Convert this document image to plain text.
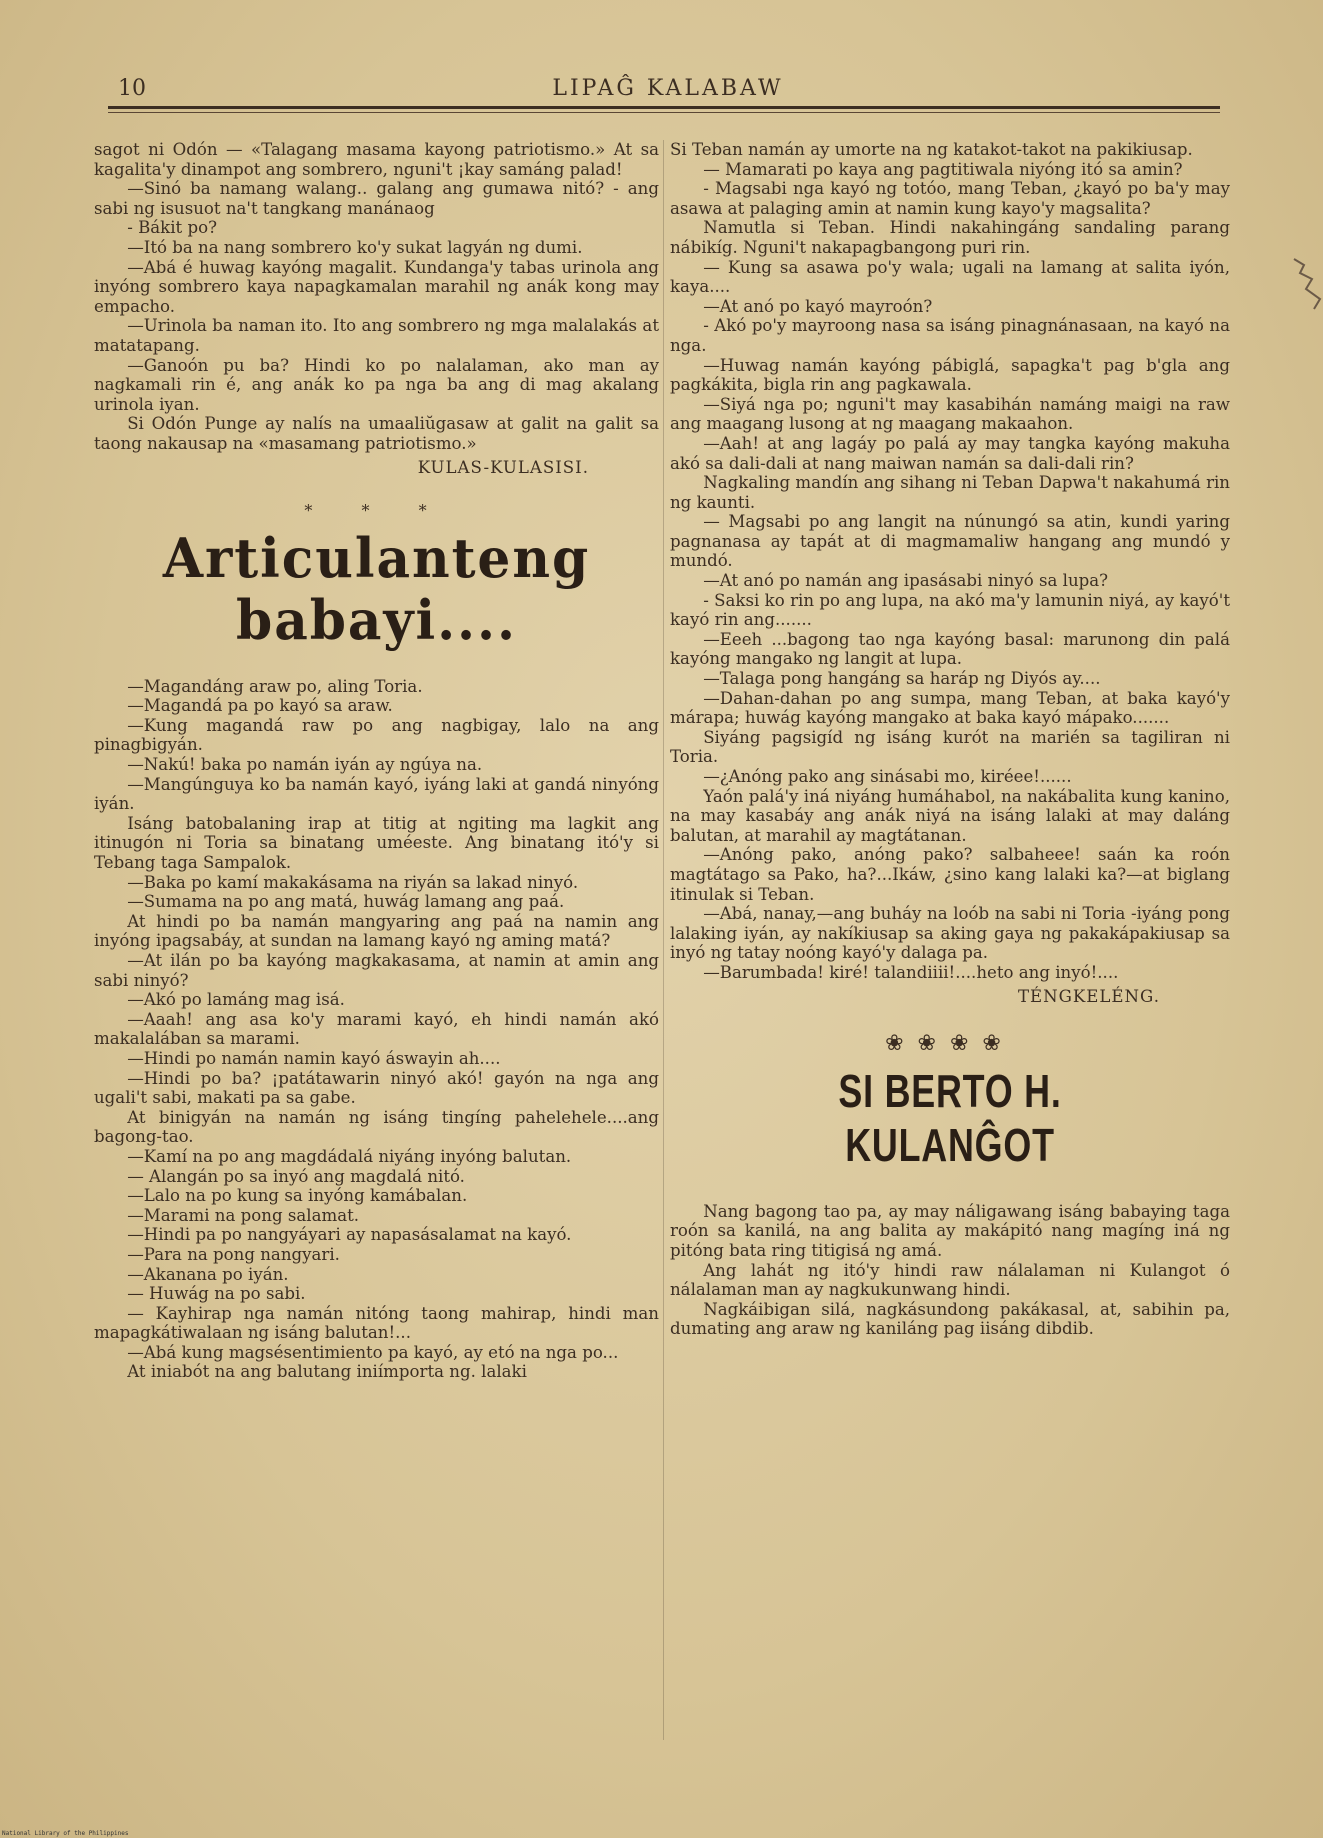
10	LIPAĜ KALABAW

sagot ni Odón — «Talagang masama kayong patriotismo.» At sa kagalita'y dinampot ang sombrero, nguni't ¡kay samáng palad!

—Sinó ba namang walang.. galang ang gumawa nitó? - ang sabi ng isusuot na't tangkang manánaog

- Bákit po?

—Itó ba na nang sombrero ko'y sukat lagyán ng dumi.

—Abá é huwag kayóng magalit. Kundanga'y tabas urinola ang inyóng sombrero kaya napagkamalan marahil ng anák kong may empacho.

—Urinola ba naman ito. Ito ang sombrero ng mga malalakás at matatapang.

—Ganoón pu ba? Hindi ko po nalalaman, ako man ay nagkamali rin é, ang anák ko pa nga ba ang di mag akalang urinola iyan.

Si Odón Punge ay nalís na umaaliŭgasaw at galit na galit sa taong nakausap na «masamang patriotismo.»

KULAS-KULASISI.

* * *
Articulanteng babayi....

—Magandáng araw po, aling Toria.

—Magandá pa po kayó sa araw.

—Kung magandá raw po ang nagbigay, lalo na ang pinagbigyán.

—Nakú! baka po namán iyán ay ngúya na.

—Mangúnguya ko ba namán kayó, iyáng laki at gandá ninyóng iyán.

Isáng batobalaning irap at titig at ngiting ma lagkit ang itinugón ni Toria sa binatang uméeste. Ang binatang itó'y si Tebang taga Sampalok.

—Baka po kamí makakásama na riyán sa lakad ninyó.

—Sumama na po ang matá, huwág lamang ang paá.

At hindi po ba namán mangyaring ang paá na namin ang inyóng ipagsabáy, at sundan na lamang kayó ng aming matá?

—At ilán po ba kayóng magkakasama, at namin at amin ang sabi ninyó?

—Akó po lamáng mag isá.

—Aaah! ang asa ko'y marami kayó, eh hindi namán akó makalalában sa marami.

—Hindi po namán namin kayó áswayin ah....

—Hindi po ba? ¡patátawarin ninyó akó! gayón na nga ang ugali't sabi, makati pa sa gabe.

At binigyán na namán ng isáng tingíng pahelehele....ang bagong-tao.

—Kamí na po ang magdádalá niyáng inyóng balutan.

— Alangán po sa inyó ang magdalá nitó.

—Lalo na po kung sa inyóng kamábalan.

—Marami na pong salamat.

—Hindi pa po nangyáyari ay napasásalamat na kayó.

—Para na pong nangyari.

—Akanana po iyán.

— Huwág na po sabi.

— Kayhirap nga namán nitóng taong mahirap, hindi man mapagkátiwalaan ng isáng balutan!...

—Abá kung magsésentimiento pa kayó, ay etó na nga po...

At iniabót na ang balutang iniímporta ng. lalaki

Si Teban namán ay umorte na ng katakot-takot na pakikiusap.

— Mamarati po kaya ang pagtitiwala niyóng itó sa amin?

- Magsabi nga kayó ng totóo, mang Teban, ¿kayó po ba'y may asawa at palaging amin at namin kung kayo'y magsalita?

Namutla si Teban. Hindi nakahingáng sandaling parang nábikíg. Nguni't nakapagbangong puri rin.

— Kung sa asawa po'y wala; ugali na lamang at salita iyón, kaya....

—At anó po kayó mayroón?

- Akó po'y mayroong nasa sa isáng pinagnánasaan, na kayó na nga.

—Huwag namán kayóng pábiglá, sapagka't pag b'gla ang pagkákita, bigla rin ang pagkawala.

—Siyá nga po; nguni't may kasabihán namáng maigi na raw ang maagang lusong at ng maagang makaahon.

—Aah! at ang lagáy po palá ay may tangka kayóng makuha akó sa dali-dali at nang maiwan namán sa dali-dali rin?

Nagkaling mandín ang sihang ni Teban Dapwa't nakahumá rin ng kaunti.

— Magsabi po ang langit na núnungó sa atin, kundi yaring pagnanasa ay tapát at di magmamaliw hangang ang mundó y mundó.

—At anó po namán ang ipasásabi ninyó sa lupa?

- Saksi ko rin po ang lupa, na akó ma'y lamunin niyá, ay kayó't kayó rin ang.......

—Eeeh ...bagong tao nga kayóng basal: marunong din palá kayóng mangako ng langit at lupa.

—Talaga pong hangáng sa haráp ng Diyós ay....

—Dahan-dahan po ang sumpa, mang Teban, at baka kayó'y márapa; huwág kayóng mangako at baka kayó mápako.......

Siyáng pagsigíd ng isáng kurót na marién sa tagiliran ni Toria.

—¿Anóng pako ang sinásabi mo, kiréee!......

Yaón palá'y iná niyáng humáhabol, na nakábalita kung kanino, na may kasabáy ang anák niyá na isáng lalaki at may daláng balutan, at marahil ay magtátanan.

—Anóng pako, anóng pako? salbaheee! saán ka roón magtátago sa Pako, ha?...Ikáw, ¿sino kang lalaki ka?—at biglang itinulak si Teban.

—Abá, nanay,—ang buháy na loób na sabi ni Toria -iyáng pong lalaking iyán, ay nakíkiusap sa aking gaya ng pakakápakiusap sa inyó ng tatay noóng kayó'y dalaga pa.

—Barumbada! kiré! talandiiii!....heto ang inyó!....

TÉNGKELÉNG.

❀❀❀❀
SI BERTO H. KULANĜOT

Nang bagong tao pa, ay may náligawang isáng babaying taga roón sa kanilá, na ang balita ay makápitó nang magíng iná ng pitóng bata ring titigisá ng amá.

Ang lahát ng itó'y hindi raw nálalaman ni Kulangot ó nálalaman man ay nagkukunwang hindi.

Nagkáibigan silá, nagkásundong pakákasal, at, sabihin pa, dumating ang araw ng kaniláng pag iisáng dibdib.

National Library of the Philippines
